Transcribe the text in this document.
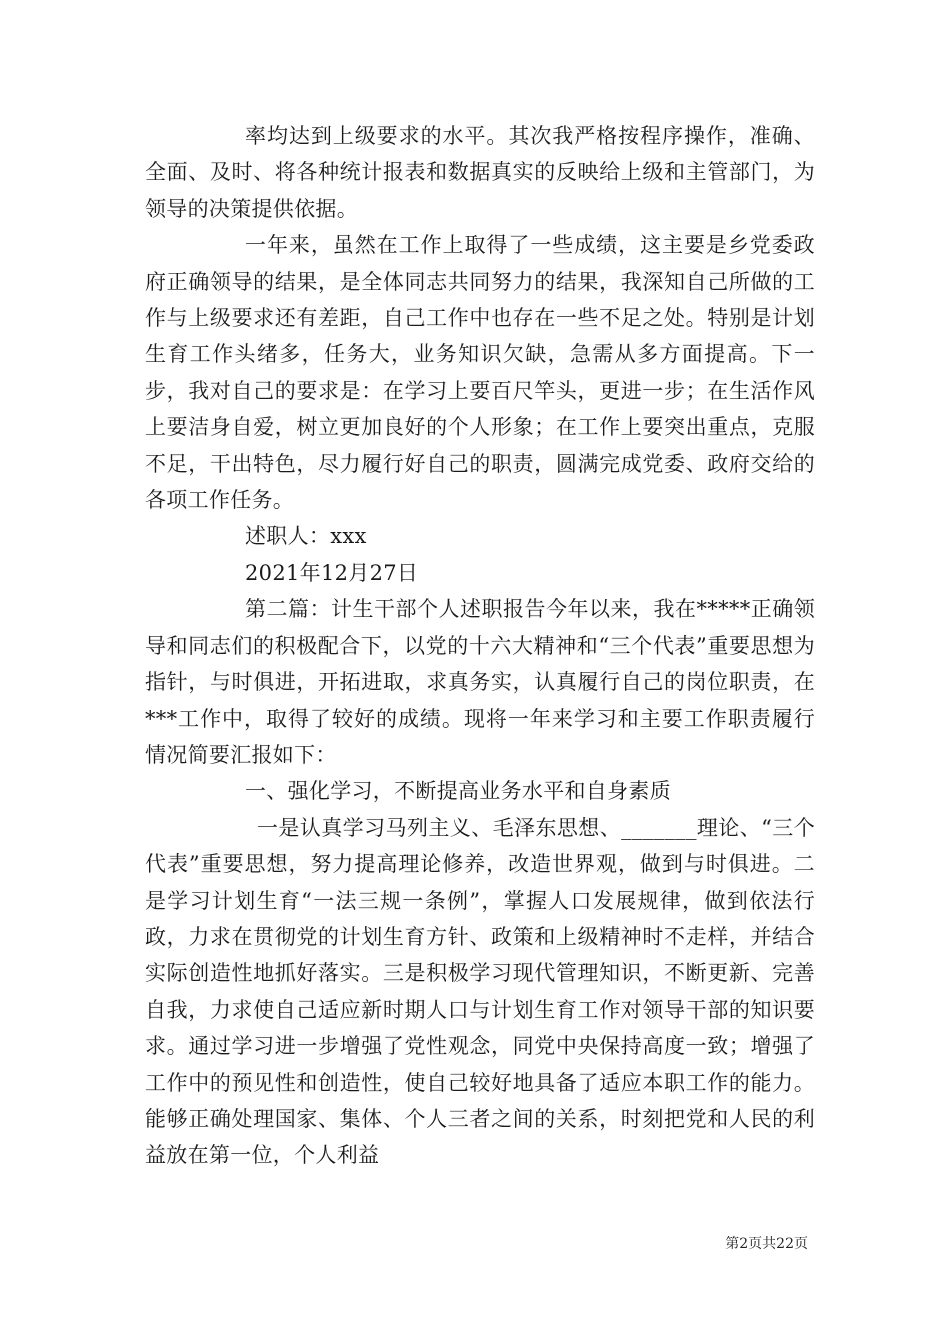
率均达到上级要求的水平。其次我严格按程序操作，准确、全面、及时、将各种统计报表和数据真实的反映给上级和主管部门，为领导的决策提供依据。

一年来，虽然在工作上取得了一些成绩，这主要是乡党委政府正确领导的结果，是全体同志共同努力的结果，我深知自己所做的工作与上级要求还有差距，自己工作中也存在一些不足之处。特别是计划生育工作头绪多，任务大，业务知识欠缺，急需从多方面提高。下一步，我对自己的要求是：在学习上要百尺竿头，更进一步；在生活作风上要洁身自爱，树立更加良好的个人形象；在工作上要突出重点，克服不足，干出特色，尽力履行好自己的职责，圆满完成党委、政府交给的各项工作任务。

述职人：xxx

2021年12月27日

第二篇：计生干部个人述职报告今年以来，我在*****正确领导和同志们的积极配合下，以党的十六大精神和“三个代表”重要思想为指针，与时俱进，开拓进取，求真务实，认真履行自己的岗位职责，在***工作中，取得了较好的成绩。现将一年来学习和主要工作职责履行情况简要汇报如下：

一、强化学习，不断提高业务水平和自身素质

一是认真学习马列主义、毛泽东思想、_______理论、“三个代表”重要思想，努力提高理论修养，改造世界观，做到与时俱进。二是学习计划生育“一法三规一条例”，掌握人口发展规律，做到依法行政，力求在贯彻党的计划生育方针、政策和上级精神时不走样，并结合实际创造性地抓好落实。三是积极学习现代管理知识，不断更新、完善自我，力求使自己适应新时期人口与计划生育工作对领导干部的知识要求。通过学习进一步增强了党性观念，同党中央保持高度一致；增强了工作中的预见性和创造性，使自己较好地具备了适应本职工作的能力。能够正确处理国家、集体、个人三者之间的关系，时刻把党和人民的利益放在第一位，个人利益

第2页共22页
